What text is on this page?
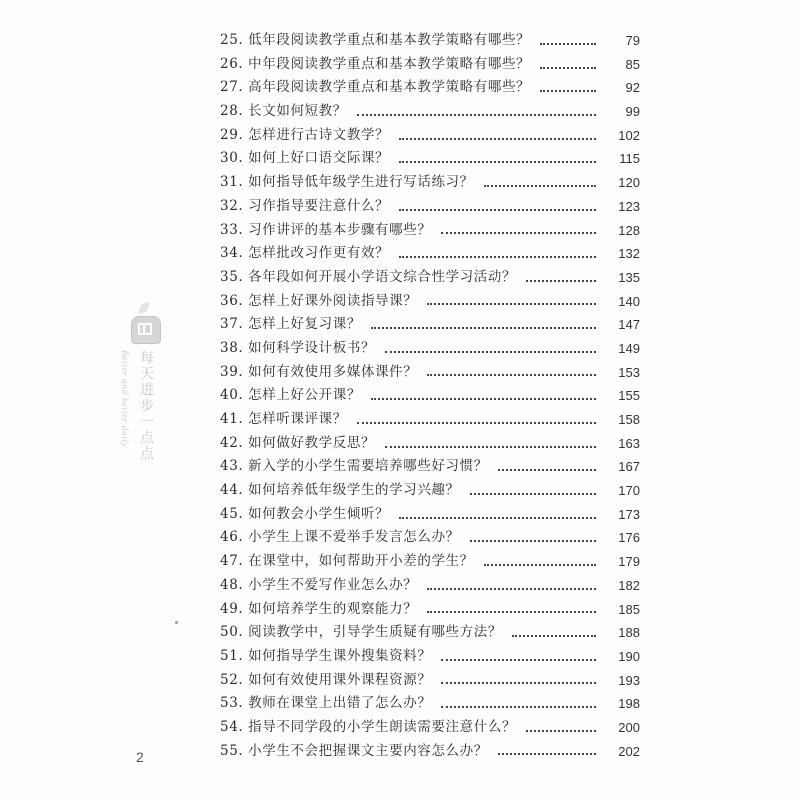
25. 低年段阅读教学重点和基本教学策略有哪些？	79
26. 中年段阅读教学重点和基本教学策略有哪些？	85
27. 高年段阅读教学重点和基本教学策略有哪些？	92
28. 长文如何短教？	99
29. 怎样进行古诗文教学？	102
30. 如何上好口语交际课？	115
31. 如何指导低年级学生进行写话练习？	120
32. 习作指导要注意什么？	123
33. 习作讲评的基本步骤有哪些？	128
34. 怎样批改习作更有效？	132
35. 各年段如何开展小学语文综合性学习活动？	135
36. 怎样上好课外阅读指导课？	140
37. 怎样上好复习课？	147
38. 如何科学设计板书？	149
39. 如何有效使用多媒体课件？	153
40. 怎样上好公开课？	155
41. 怎样听课评课？	158
42. 如何做好教学反思？	163
43. 新入学的小学生需要培养哪些好习惯？	167
44. 如何培养低年级学生的学习兴趣？	170
45. 如何教会小学生倾听？	173
46. 小学生上课不爱举手发言怎么办？	176
47. 在课堂中，如何帮助开小差的学生？	179
48. 小学生不爱写作业怎么办？	182
49. 如何培养学生的观察能力？	185
50. 阅读教学中，引导学生质疑有哪些方法？	188
51. 如何指导学生课外搜集资料？	190
52. 如何有效使用课外课程资源？	193
53. 教师在课堂上出错了怎么办？	198
54. 指导不同学段的小学生朗读需要注意什么？	200
55. 小学生不会把握课文主要内容怎么办？	202
每天进步一点点
Better and better daily
2
